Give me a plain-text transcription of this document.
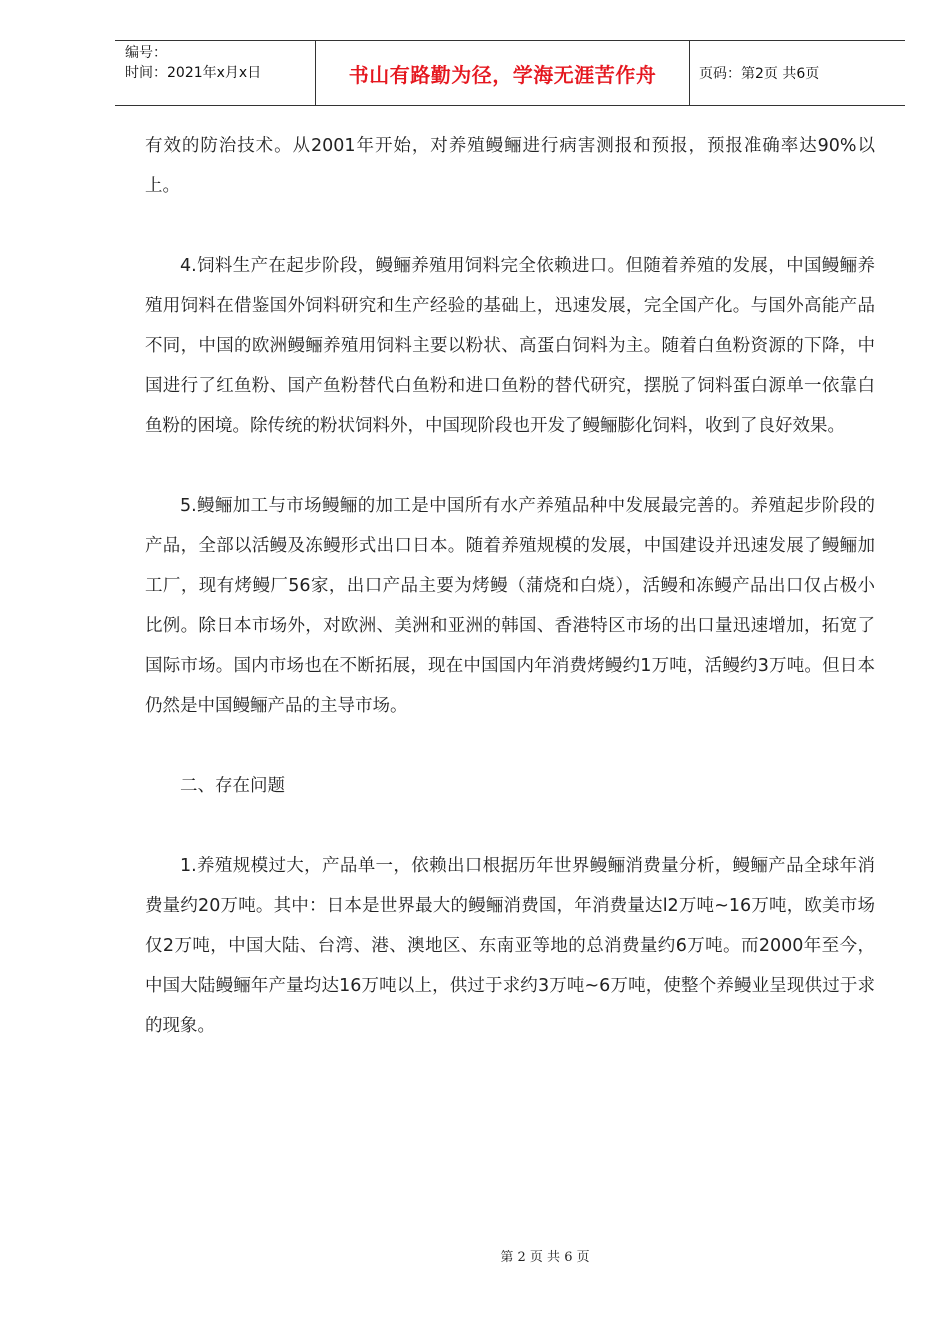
编号：
时间：2021年x月x日	书山有路勤为径，学海无涯苦作舟	页码：第2页 共6页

有效的防治技术。从2001年开始，对养殖鳗鲡进行病害测报和预报，预报准确率达90%以上。

4.饲料生产在起步阶段，鳗鲡养殖用饲料完全依赖进口。但随着养殖的发展，中国鳗鲡养殖用饲料在借鉴国外饲料研究和生产经验的基础上，迅速发展，完全国产化。与国外高能产品不同，中国的欧洲鳗鲡养殖用饲料主要以粉状、高蛋白饲料为主。随着白鱼粉资源的下降，中国进行了红鱼粉、国产鱼粉替代白鱼粉和进口鱼粉的替代研究，摆脱了饲料蛋白源单一依靠白鱼粉的困境。除传统的粉状饲料外，中国现阶段也开发了鳗鲡膨化饲料，收到了良好效果。

5.鳗鲡加工与市场鳗鲡的加工是中国所有水产养殖品种中发展最完善的。养殖起步阶段的产品，全部以活鳗及冻鳗形式出口日本。随着养殖规模的发展，中国建设并迅速发展了鳗鲡加工厂，现有烤鳗厂56家，出口产品主要为烤鳗（蒲烧和白烧），活鳗和冻鳗产品出口仅占极小比例。除日本市场外，对欧洲、美洲和亚洲的韩国、香港特区市场的出口量迅速增加，拓宽了国际市场。国内市场也在不断拓展，现在中国国内年消费烤鳗约1万吨，活鳗约3万吨。但日本仍然是中国鳗鲡产品的主导市场。

二、存在问题

1.养殖规模过大，产品单一，依赖出口根据历年世界鳗鲡消费量分析，鳗鲡产品全球年消费量约20万吨。其中：日本是世界最大的鳗鲡消费国，年消费量达l2万吨~16万吨，欧美市场仅2万吨，中国大陆、台湾、港、澳地区、东南亚等地的总消费量约6万吨。而2000年至今，中国大陆鳗鲡年产量均达16万吨以上，供过于求约3万吨~6万吨，使整个养鳗业呈现供过于求的现象。

第 2 页 共 6 页
